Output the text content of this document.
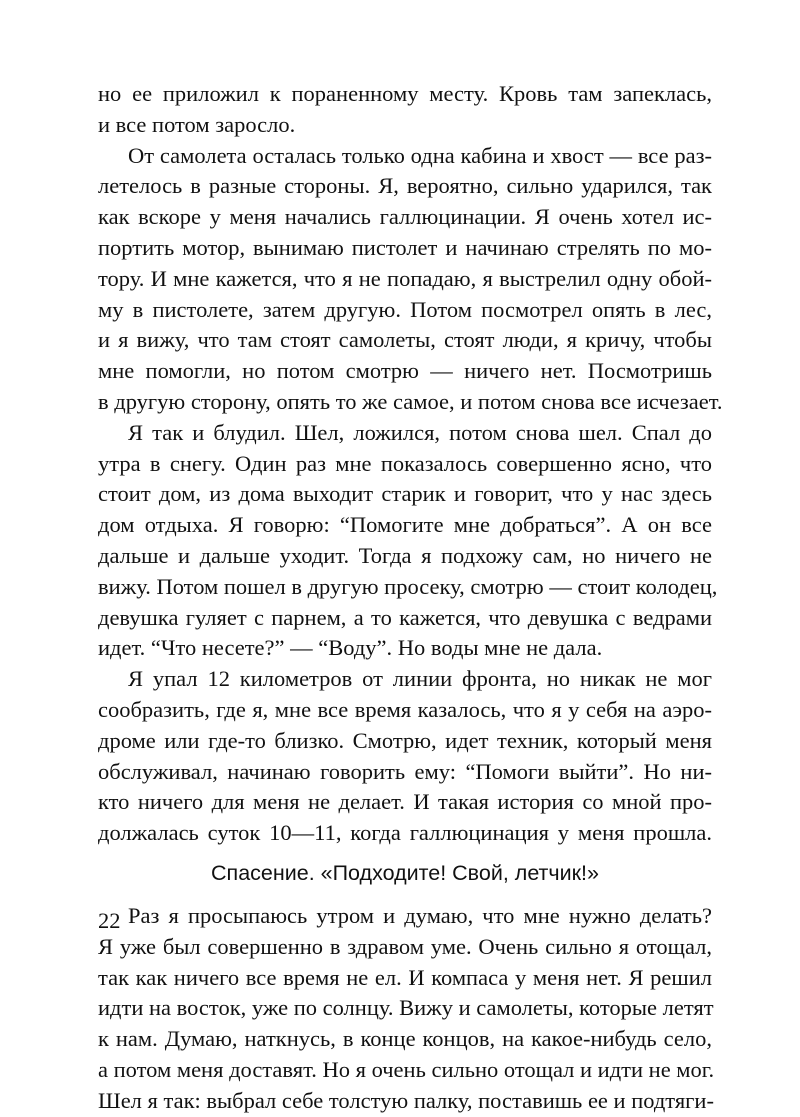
но ее приложил к пораненному месту. Кровь там запеклась,
и все потом заросло.
От самолета осталась только одна кабина и хвост — все раз-
летелось в разные стороны. Я, вероятно, сильно ударился, так
как вскоре у меня начались галлюцинации. Я очень хотел ис-
портить мотор, вынимаю пистолет и начинаю стрелять по мо-
тору. И мне кажется, что я не попадаю, я выстрелил одну обой-
му в пистолете, затем другую. Потом посмотрел опять в лес,
и я вижу, что там стоят самолеты, стоят люди, я кричу, чтобы
мне помогли, но потом смотрю — ничего нет. Посмотришь
в другую сторону, опять то же самое, и потом снова все исчезает.
Я так и блудил. Шел, ложился, потом снова шел. Спал до
утра в снегу. Один раз мне показалось совершенно ясно, что
стоит дом, из дома выходит старик и говорит, что у нас здесь
дом отдыха. Я говорю: “Помогите мне добраться”. А он все
дальше и дальше уходит. Тогда я подхожу сам, но ничего не
вижу. Потом пошел в другую просеку, смотрю — стоит колодец,
девушка гуляет с парнем, а то кажется, что девушка с ведрами
идет. “Что несете?” — “Воду”. Но воды мне не дала.
Я упал 12 километров от линии фронта, но никак не мог
сообразить, где я, мне все время казалось, что я у себя на аэро-
дроме или где-то близко. Смотрю, идет техник, который меня
обслуживал, начинаю говорить ему: “Помоги выйти”. Но ни-
кто ничего для меня не делает. И такая история со мной про-
должалась суток 10—11, когда галлюцинация у меня прошла.
Спасение. «Подходите! Свой, летчик!»
Раз я просыпаюсь утром и думаю, что мне нужно делать?
Я уже был совершенно в здравом уме. Очень сильно я отощал,
так как ничего все время не ел. И компаса у меня нет. Я решил
идти на восток, уже по солнцу. Вижу и самолеты, которые летят
к нам. Думаю, наткнусь, в конце концов, на какое-нибудь село,
а потом меня доставят. Но я очень сильно отощал и идти не мог.
Шел я так: выбрал себе толстую палку, поставишь ее и подтяги-
22
